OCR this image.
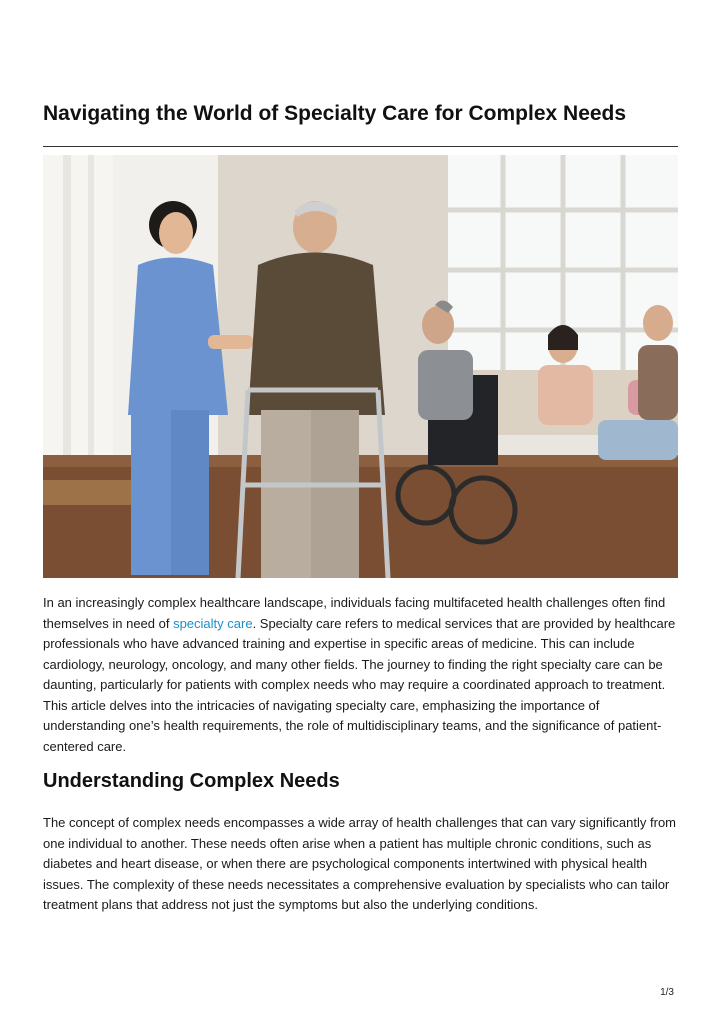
Navigating the World of Specialty Care for Complex Needs

In an increasingly complex healthcare landscape, individuals facing multifaceted health challenges often find themselves in need of specialty care. Specialty care refers to medical services that are provided by healthcare professionals who have advanced training and expertise in specific areas of medicine. This can include cardiology, neurology, oncology, and many other fields. The journey to finding the right specialty care can be daunting, particularly for patients with complex needs who may require a coordinated approach to treatment. This article delves into the intricacies of navigating specialty care, emphasizing the importance of understanding one’s health requirements, the role of multidisciplinary teams, and the significance of patient-centered care.

Understanding Complex Needs

The concept of complex needs encompasses a wide array of health challenges that can vary significantly from one individual to another. These needs often arise when a patient has multiple chronic conditions, such as diabetes and heart disease, or when there are psychological components intertwined with physical health issues. The complexity of these needs necessitates a comprehensive evaluation by specialists who can tailor treatment plans that address not just the symptoms but also the underlying conditions.

1/3
